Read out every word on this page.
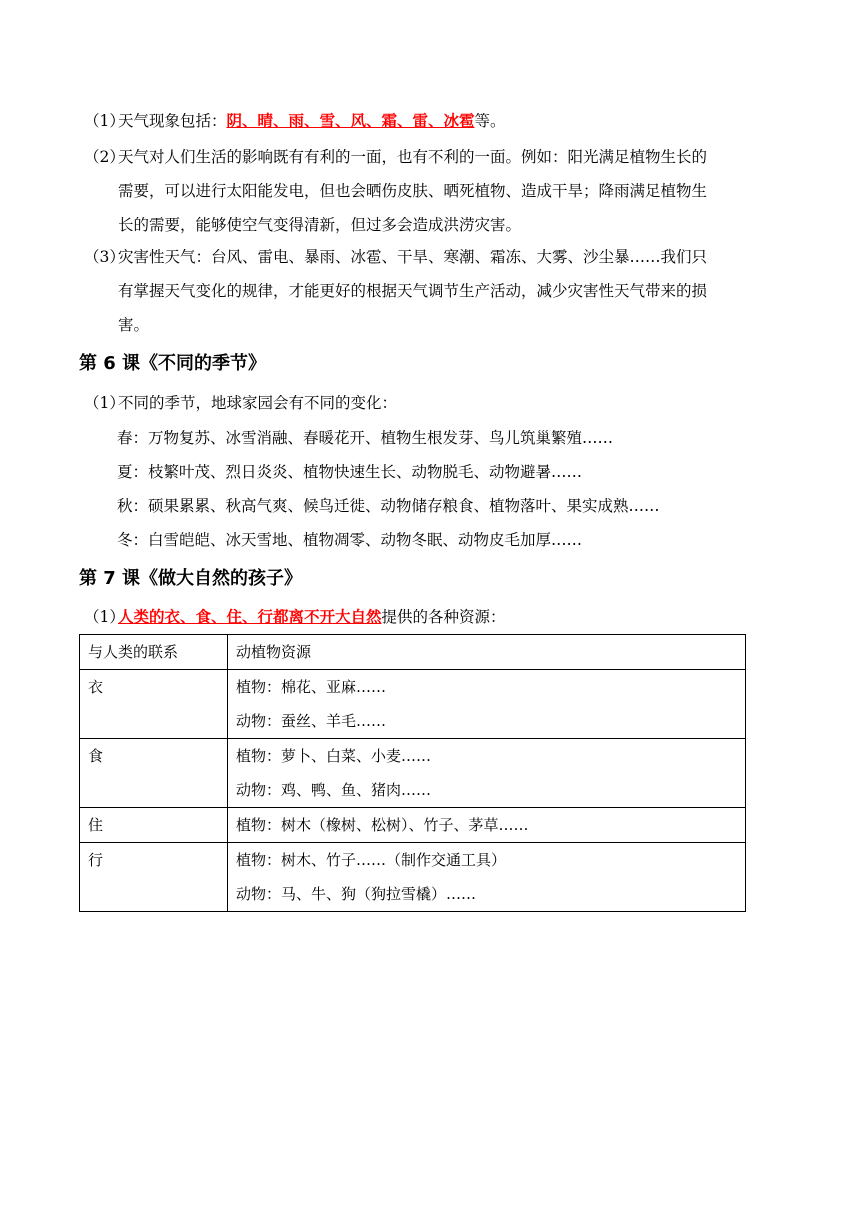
（1）天气现象包括：阴、晴、雨、雪、风、霜、雷、冰雹等。
（2）天气对人们生活的影响既有有利的一面，也有不利的一面。例如：阳光满足植物生长的
需要，可以进行太阳能发电，但也会晒伤皮肤、晒死植物、造成干旱；降雨满足植物生
长的需要，能够使空气变得清新，但过多会造成洪涝灾害。
（3）灾害性天气：台风、雷电、暴雨、冰雹、干旱、寒潮、霜冻、大雾、沙尘暴……我们只
有掌握天气变化的规律，才能更好的根据天气调节生产活动，减少灾害性天气带来的损
害。
第 6 课《不同的季节》
（1）不同的季节，地球家园会有不同的变化：
春：万物复苏、冰雪消融、春暖花开、植物生根发芽、鸟儿筑巢繁殖……
夏：枝繁叶茂、烈日炎炎、植物快速生长、动物脱毛、动物避暑……
秋：硕果累累、秋高气爽、候鸟迁徙、动物储存粮食、植物落叶、果实成熟……
冬：白雪皑皑、冰天雪地、植物凋零、动物冬眠、动物皮毛加厚……
第 7 课《做大自然的孩子》
（1）人类的衣、食、住、行都离不开大自然提供的各种资源：
与人类的联系	动植物资源
衣	植物：棉花、亚麻……
动物：蚕丝、羊毛……

食	植物：萝卜、白菜、小麦……
动物：鸡、鸭、鱼、猪肉……

住	植物：树木（橡树、松树）、竹子、茅草……

行	植物：树木、竹子……（制作交通工具）
动物：马、牛、狗（狗拉雪橇）……
